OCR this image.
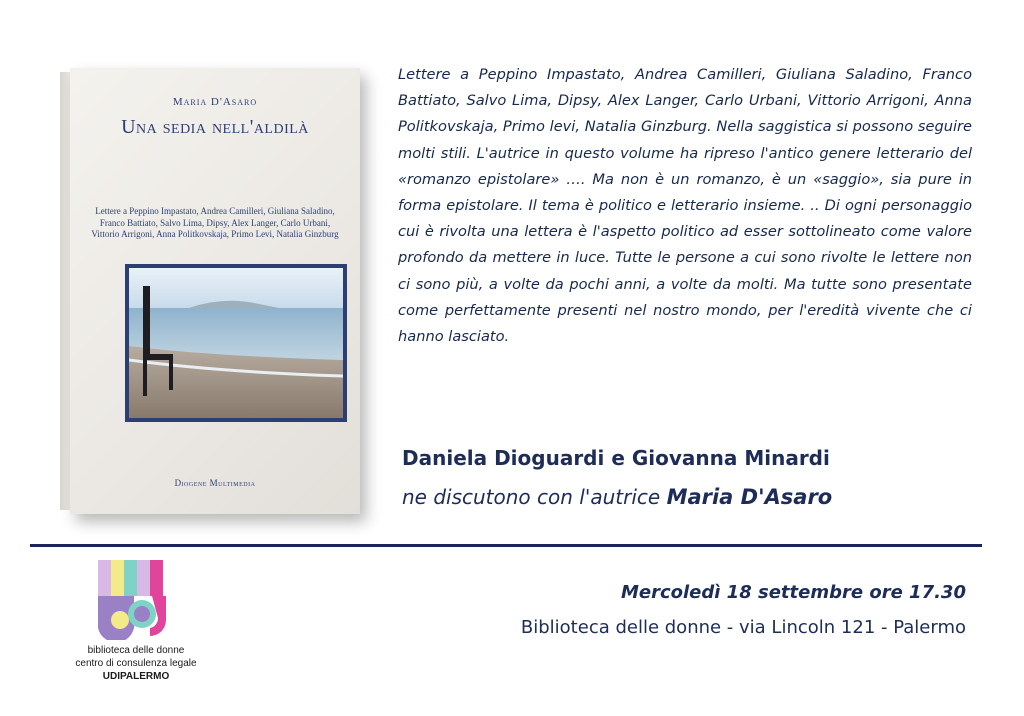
Maria D'Asaro
Una sedia nell'aldilà
Lettere a Peppino Impastato, Andrea Camilleri, Giuliana Saladino,
Franco Battiato, Salvo Lima, Dipsy, Alex Langer, Carlo Urbani,
Vittorio Arrigoni, Anna Politkovskaja, Primo Levi, Natalia Ginzburg
Diogene Multimedia

Lettere a Peppino Impastato, Andrea Camilleri, Giuliana Saladino, Franco Battiato, Salvo Lima, Dipsy, Alex Langer, Carlo Urbani, Vittorio Arrigoni, Anna Politkovskaja, Primo levi, Natalia Ginzburg. Nella saggistica si possono seguire molti stili. L'autrice in questo volume ha ripreso l'antico genere letterario del «romanzo epistolare» …. Ma non è un romanzo, è un «saggio», sia pure in forma epistolare. Il tema è politico e letterario insieme. .. Di ogni personaggio cui è rivolta una lettera è l'aspetto politico ad esser sottolineato come valore profondo da mettere in luce. Tutte le persone a cui sono rivolte le lettere non ci sono più, a volte da pochi anni, a volte da molti. Ma tutte sono presentate come perfettamente presenti nel nostro mondo, per l'eredità vivente che ci hanno lasciato.

Daniela Dioguardi e Giovanna Minardi

ne discutono con l'autrice Maria D'Asaro

biblioteca delle donne
centro di consulenza legale
UDIPALERMO

Mercoledì 18 settembre ore 17.30

Biblioteca delle donne - via Lincoln 121 - Palermo
